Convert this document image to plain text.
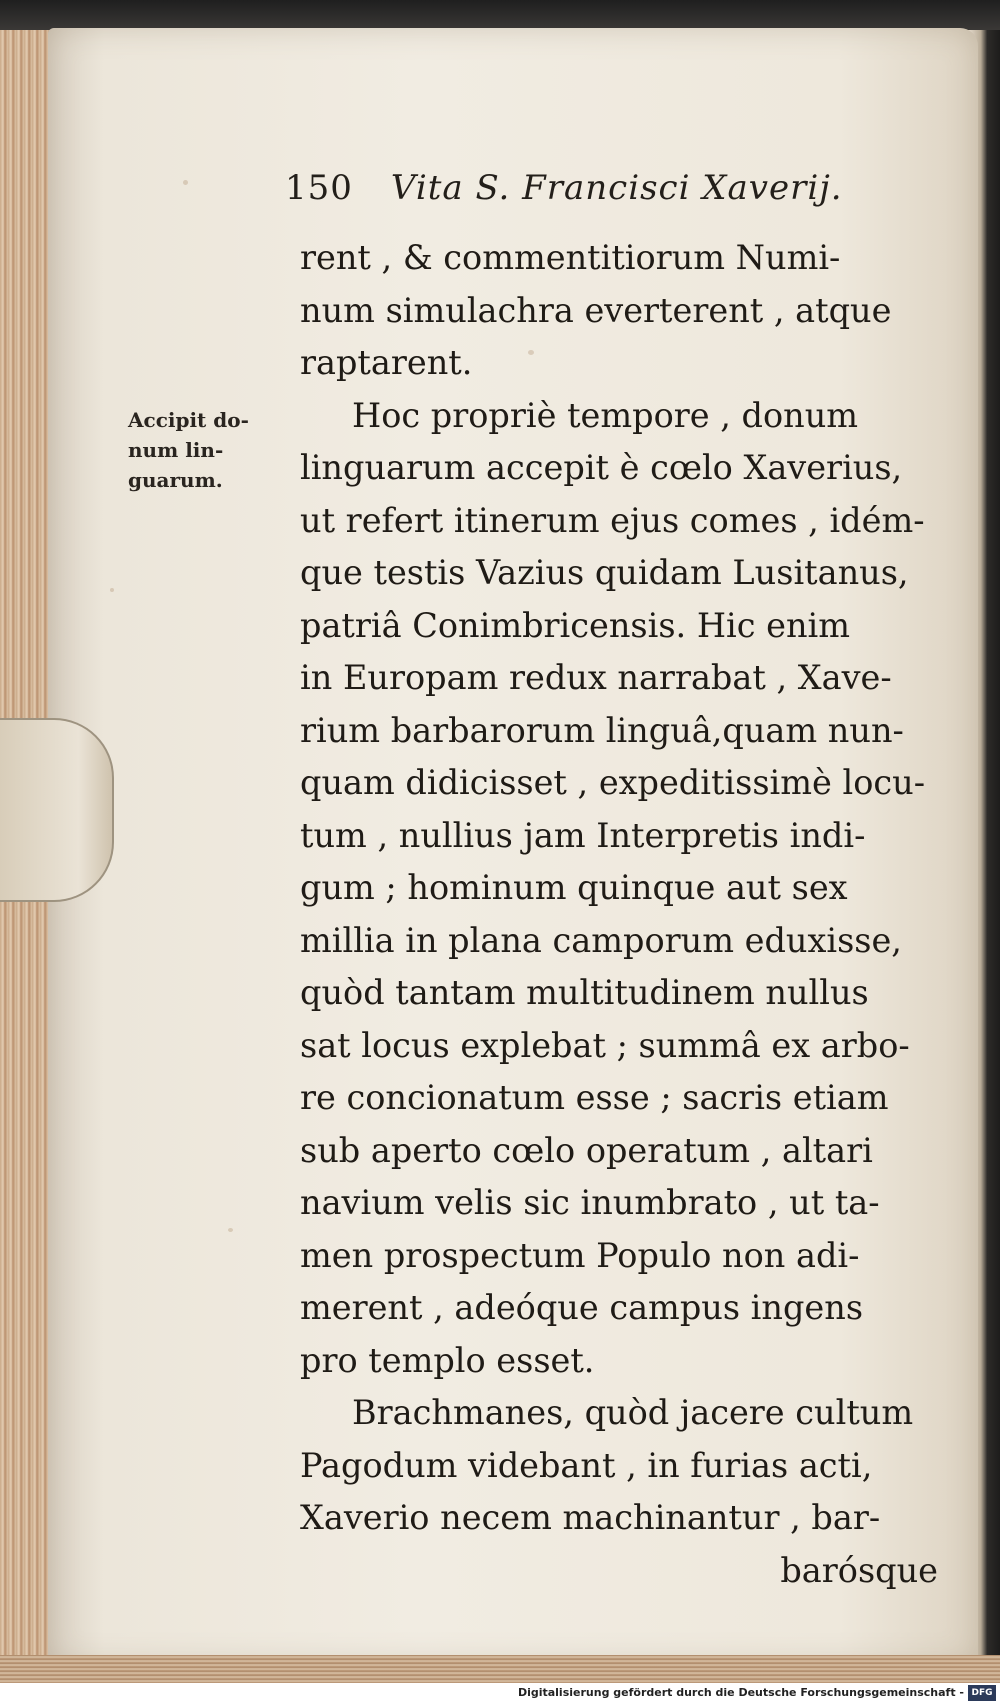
150 Vita S. Francisci Xaverij.
Accipit do-
num lin-
guarum.
rent , & commentitiorum Numi-
num simulachra everterent , atque
raptarent.
Hoc propriè tempore , donum
linguarum accepit è cœlo Xaverius,
ut refert itinerum ejus comes , idém-
que testis Vazius quidam Lusitanus,
patriâ Conimbricensis. Hic enim
in Europam redux narrabat , Xave-
rium barbarorum linguâ,quam nun-
quam didicisset , expeditissimè locu-
tum , nullius jam Interpretis indi-
gum ; hominum quinque aut sex
millia in plana camporum eduxisse,
quòd tantam multitudinem nullus
sat locus explebat ; summâ ex arbo-
re concionatum esse ; sacris etiam
sub aperto cœlo operatum , altari
navium velis sic inumbrato , ut ta-
men prospectum Populo non adi-
merent , adeóque campus ingens
pro templo esset.
Brachmanes, quòd jacere cultum
Pagodum videbant , in furias acti,
Xaverio necem machinantur , bar-
barósque
Digitalisierung gefördert durch die Deutsche Forschungsgemeinschaft - DFG
